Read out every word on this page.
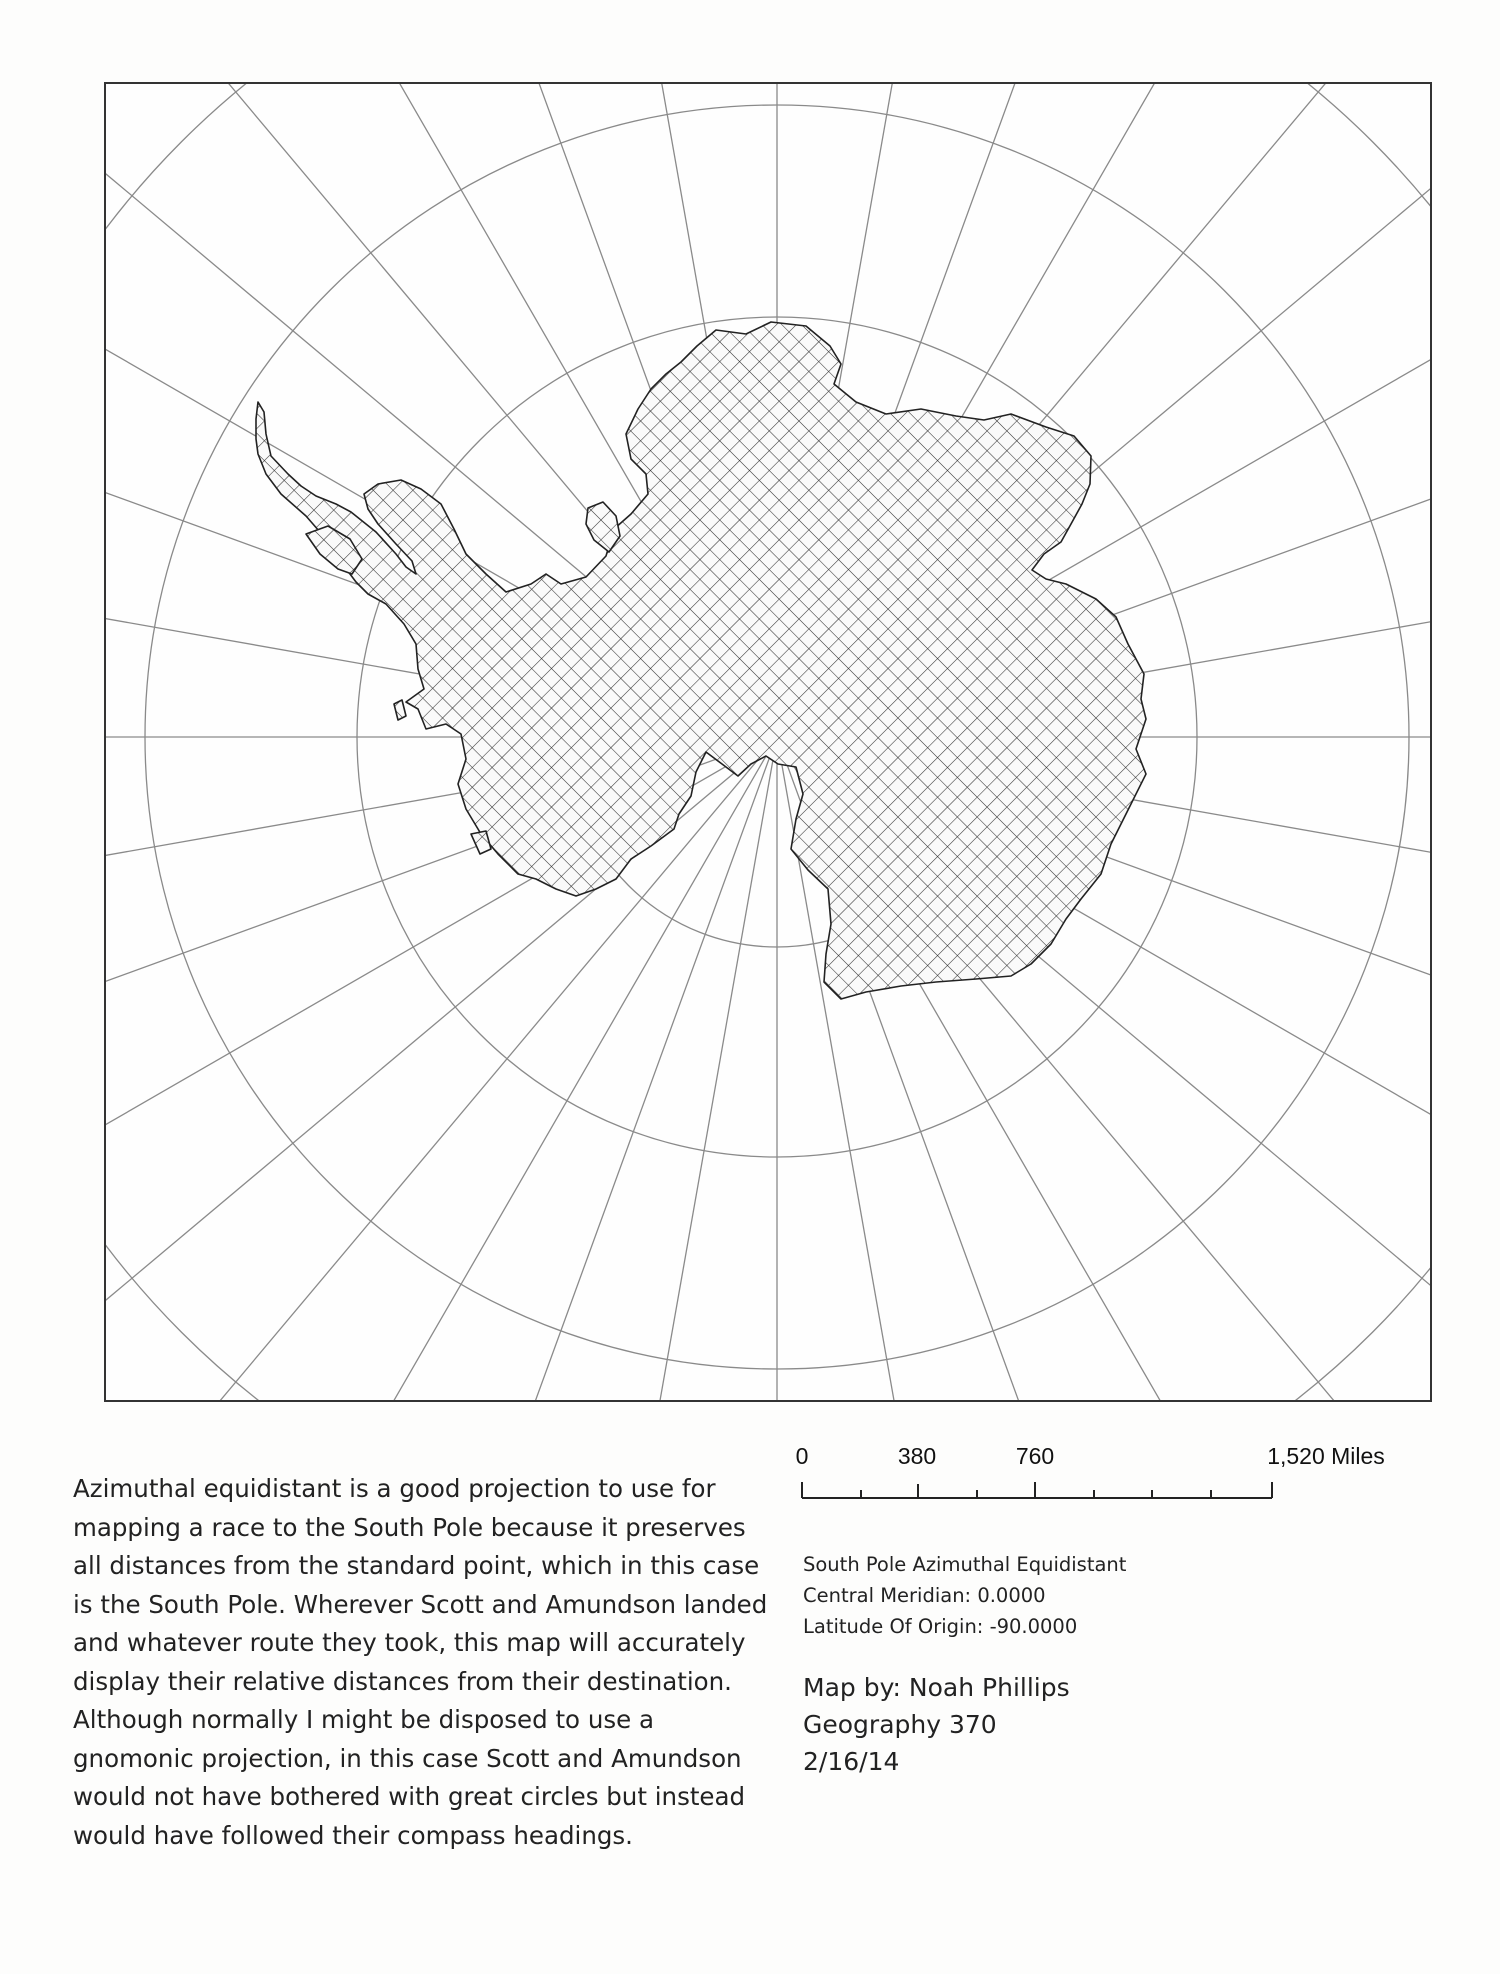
0	380	760	1,520 Miles

Azimuthal equidistant is a good projection to use for mapping a race to the South Pole because it preserves all distances from the standard point, which in this case is the South Pole. Wherever Scott and Amundson landed and whatever route they took, this map will accurately display their relative distances from their destination. Although normally I might be disposed to use a gnomonic projection, in this case Scott and Amundson would not have bothered with great circles but instead would have followed their compass headings.

South Pole Azimuthal Equidistant
Central Meridian: 0.0000
Latitude Of Origin: -90.0000
Map by: Noah Phillips
Geography 370
2/16/14
